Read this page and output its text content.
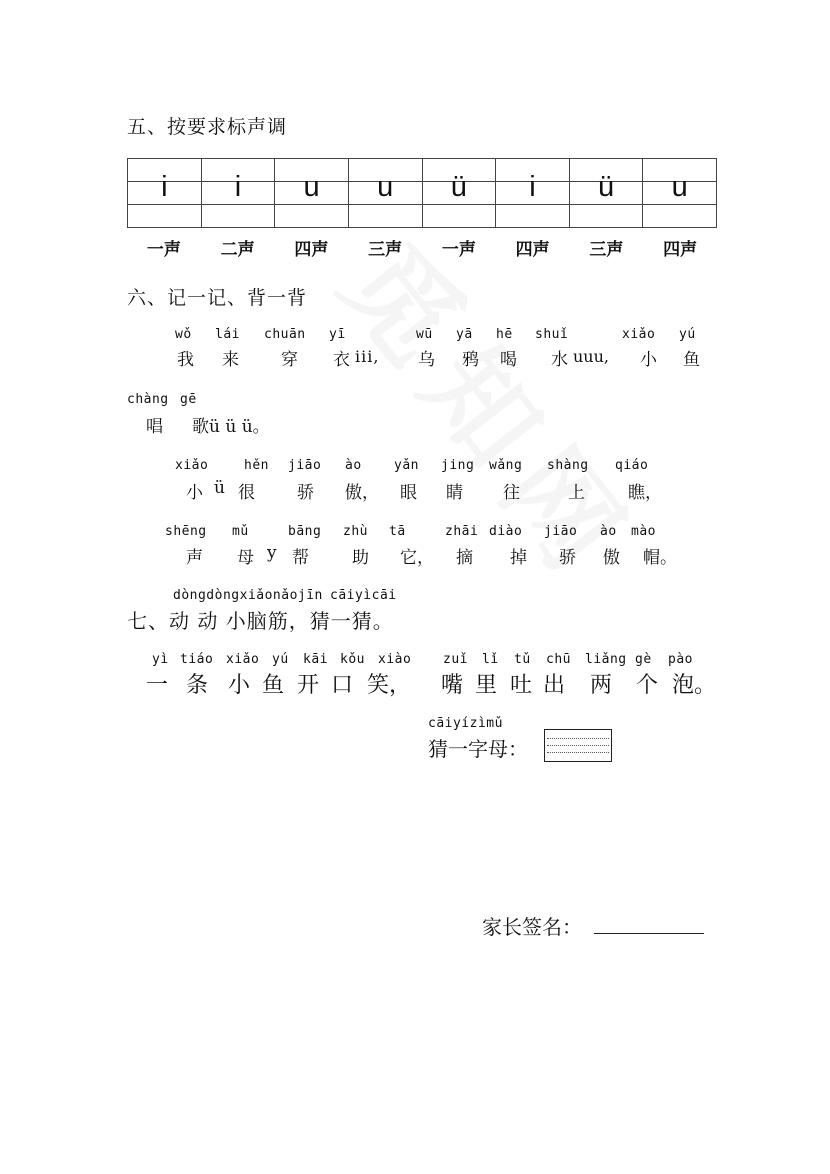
五、按要求标声调

i	i	u	u	ü	i	ü	u

一声	二声	四声	三声	一声	四声	三声	四声
六、记一记、背一背
wǒ lái chuān yī	wū yā hē shuǐ	xiǎo yú
我 来 穿 衣 iii, 乌 鸦 喝 水 uuu, 小 鱼
chàng gē
唱 歌ü ü ü。
xiǎo	hěn jiāo ào yǎn jing wǎng shàng qiáo
小 ü 很 骄 傲， 眼 睛 往	上	瞧，
shēng mǔ	bāng zhù tā	zhāi diào jiāo ào mào
声 母 y 帮	助 它， 摘 掉 骄 傲 帽。
dòngdòngxiǎonǎojīn cāiyìcāi
七、动 动 小脑筋，猜一猜。
yì tiáo xiǎo yú kāi kǒu xiào zuǐ lǐ tǔ chū liǎng gè pào
一 条 小 鱼 开 口 笑， 嘴 里 吐 出 两 个 泡。
cāiyízìmǔ
猜一字母：
家长签名：
